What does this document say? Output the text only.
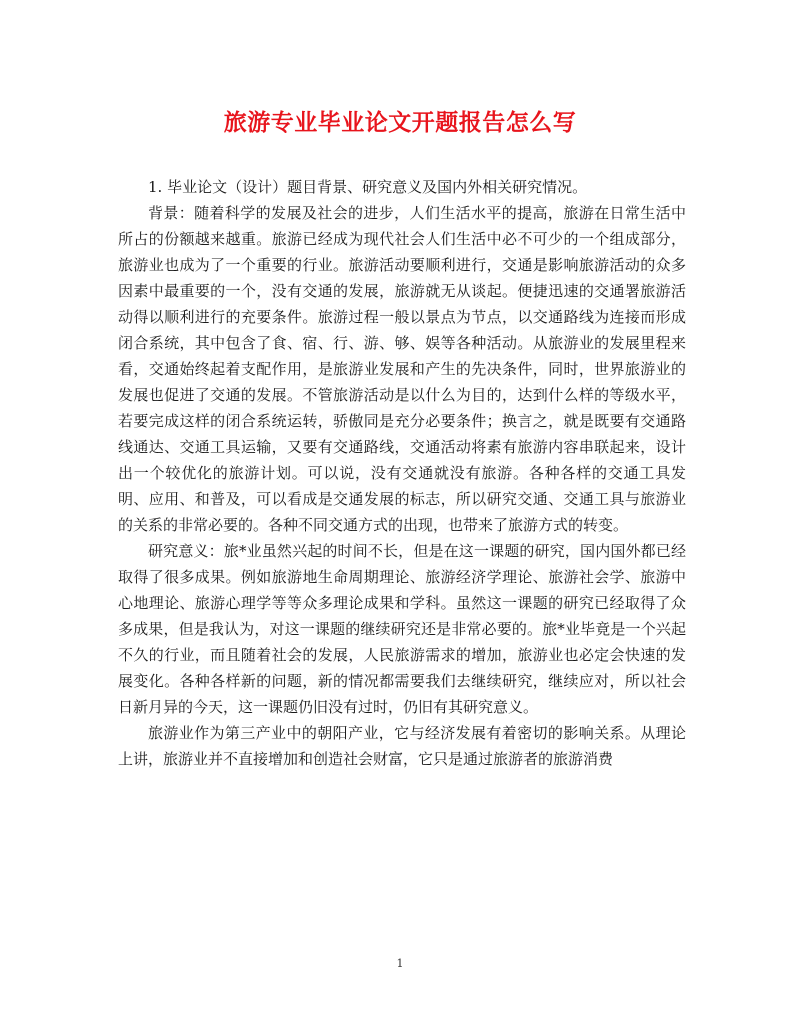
旅游专业毕业论文开题报告怎么写

1. 毕业论文（设计）题目背景、研究意义及国内外相关研究情况。

背景：随着科学的发展及社会的进步，人们生活水平的提高，旅游在日常生活中所占的份额越来越重。旅游已经成为现代社会人们生活中必不可少的一个组成部分，旅游业也成为了一个重要的行业。旅游活动要顺利进行，交通是影响旅游活动的众多因素中最重要的一个，没有交通的发展，旅游就无从谈起。便捷迅速的交通署旅游活动得以顺利进行的充要条件。旅游过程一般以景点为节点，以交通路线为连接而形成闭合系统，其中包含了食、宿、行、游、够、娱等各种活动。从旅游业的发展里程来看，交通始终起着支配作用，是旅游业发展和产生的先决条件，同时，世界旅游业的发展也促进了交通的发展。不管旅游活动是以什么为目的，达到什么样的等级水平，若要完成这样的闭合系统运转，骄傲同是充分必要条件；换言之，就是既要有交通路线通达、交通工具运输，又要有交通路线，交通活动将素有旅游内容串联起来，设计出一个较优化的旅游计划。可以说，没有交通就没有旅游。各种各样的交通工具发明、应用、和普及，可以看成是交通发展的标志，所以研究交通、交通工具与旅游业的关系的非常必要的。各种不同交通方式的出现，也带来了旅游方式的转变。

研究意义：旅*业虽然兴起的时间不长，但是在这一课题的研究，国内国外都已经取得了很多成果。例如旅游地生命周期理论、旅游经济学理论、旅游社会学、旅游中心地理论、旅游心理学等等众多理论成果和学科。虽然这一课题的研究已经取得了众多成果，但是我认为，对这一课题的继续研究还是非常必要的。旅*业毕竟是一个兴起不久的行业，而且随着社会的发展，人民旅游需求的增加，旅游业也必定会快速的发展变化。各种各样新的问题，新的情况都需要我们去继续研究，继续应对，所以社会日新月异的今天，这一课题仍旧没有过时，仍旧有其研究意义。

旅游业作为第三产业中的朝阳产业，它与经济发展有着密切的影响关系。从理论上讲，旅游业并不直接增加和创造社会财富，它只是通过旅游者的旅游消费

1
